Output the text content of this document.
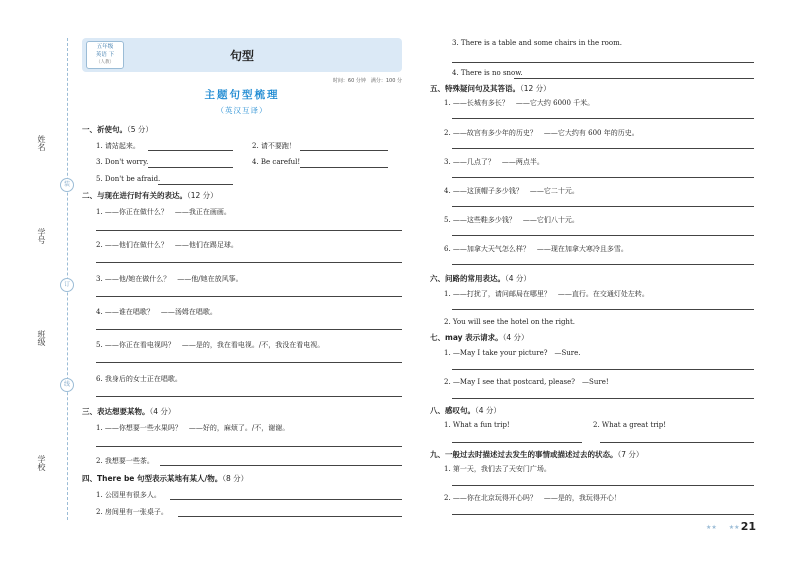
姓名
学号
班级
学校
装
订
线
五年级
英语 下
（人教）	句型
时间：60 分钟　满分：100 分
主题句型梳理
（英汉互译）
一、祈使句。（5 分）
1. 请站起来。	2. 请不要跑！
3. Don't worry.	4. Be careful!
5. Don't be afraid.
二、与现在进行时有关的表达。（12 分）
1. ——你正在做什么？　——我正在画画。
2. ——他们在做什么？　——他们在踢足球。
3. ——他/她在做什么？　——他/她在放风筝。
4. ——谁在唱歌？　——汤姆在唱歌。
5. ——你正在看电视吗？　——是的，我在看电视。/不，我没在看电视。
6. 我身后的女士正在唱歌。
三、表达想要某物。（4 分）
1. ——你想要一些水果吗？　——好的，麻烦了。/不，谢谢。
2. 我想要一些茶。
四、There be 句型表示某地有某人/物。（8 分）
1. 公园里有很多人。
2. 房间里有一张桌子。
3. There is a table and some chairs in the room.
4. There is no snow.
五、特殊疑问句及其答语。（12 分）
1. ——长城有多长？　——它大约 6000 千米。
2. ——故宫有多少年的历史？　——它大约有 600 年的历史。
3. ——几点了？　——两点半。
4. ——这顶帽子多少钱？　——它二十元。
5. ——这些鞋多少钱？　——它们八十元。
6. ——加拿大天气怎么样？　——现在加拿大寒冷且多雪。
六、问路的常用表达。（4 分）
1. ——打扰了，请问邮局在哪里？　——直行。在交通灯处左转。
2. You will see the hotel on the right.
七、may 表示请求。（4 分）
1. —May I take your picture?　—Sure.
2. —May I see that postcard, please?　—Sure!
八、感叹句。（4 分）
1. What a fun trip!	2. What a great trip!
九、一般过去时描述过去发生的事情或描述过去的状态。（7 分）
1. 第一天，我们去了天安门广场。
2. ——你在北京玩得开心吗？　——是的，我玩得开心！
★★　　★★ 21
